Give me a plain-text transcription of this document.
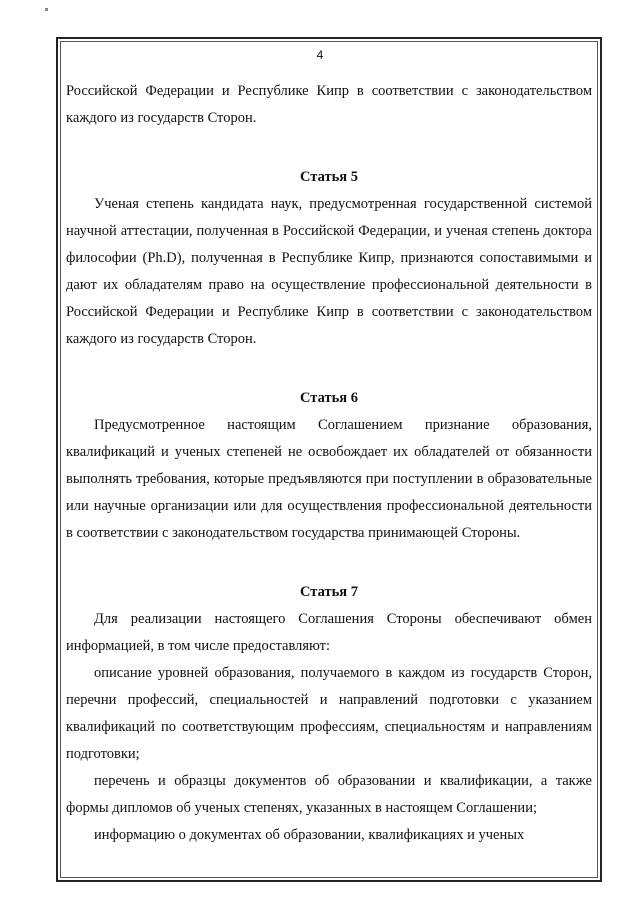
4

Российской Федерации и Республике Кипр в соответствии с законодательством каждого из государств Сторон.

Статья 5

Ученая степень кандидата наук, предусмотренная государственной системой научной аттестации, полученная в Российской Федерации, и ученая степень доктора философии (Ph.D), полученная в Республике Кипр, признаются сопоставимыми и дают их обладателям право на осуществление профессиональной деятельности в Российской Федерации и Республике Кипр в соответствии с законодательством каждого из государств Сторон.

Статья 6

Предусмотренное настоящим Соглашением признание образования, квалификаций и ученых степеней не освобождает их обладателей от обязанности выполнять требования, которые предъявляются при поступлении в образовательные или научные организации или для осуществления профессиональной деятельности в соответствии с законодательством государства принимающей Стороны.

Статья 7

Для реализации настоящего Соглашения Стороны обеспечивают обмен информацией, в том числе предоставляют:

описание уровней образования, получаемого в каждом из государств Сторон, перечни профессий, специальностей и направлений подготовки с указанием квалификаций по соответствующим профессиям, специальностям и направлениям подготовки;

перечень и образцы документов об образовании и квалификации, а также формы дипломов об ученых степенях, указанных в настоящем Соглашении;

информацию о документах об образовании, квалификациях и ученых
